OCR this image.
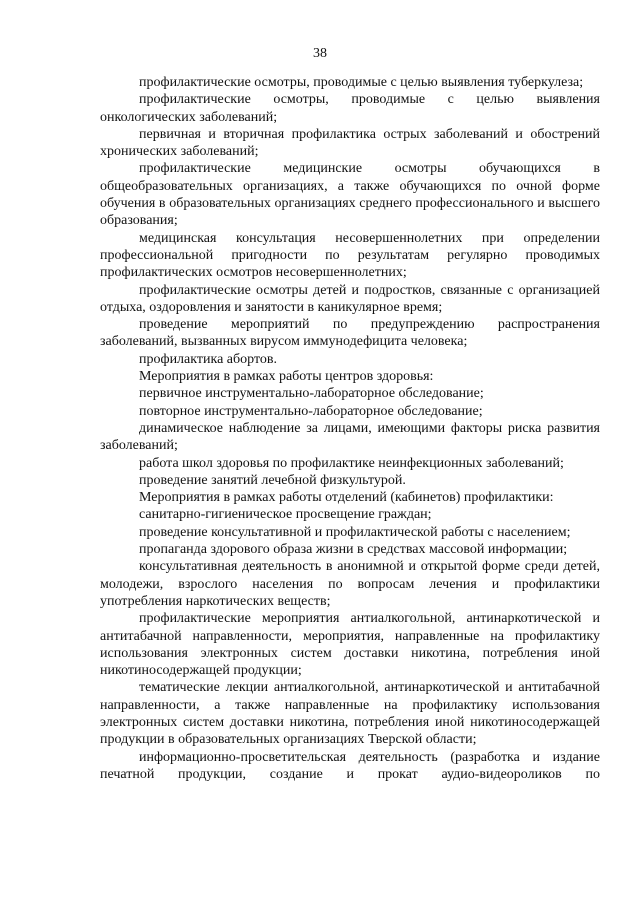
38

профилактические осмотры, проводимые с целью выявления туберкулеза;

профилактические осмотры, проводимые с целью выявления онкологических заболеваний;

первичная и вторичная профилактика острых заболеваний и обострений хронических заболеваний;

профилактические медицинские осмотры обучающихся в общеобразовательных организациях, а также обучающихся по очной форме обучения в образовательных организациях среднего профессионального и высшего образования;

медицинская консультация несовершеннолетних при определении профессиональной пригодности по результатам регулярно проводимых профилактических осмотров несовершеннолетних;

профилактические осмотры детей и подростков, связанные с организацией отдыха, оздоровления и занятости в каникулярное время;

проведение мероприятий по предупреждению распространения заболеваний, вызванных вирусом иммунодефицита человека;

профилактика абортов.

Мероприятия в рамках работы центров здоровья:

первичное инструментально-лабораторное обследование;

повторное инструментально-лабораторное обследование;

динамическое наблюдение за лицами, имеющими факторы риска развития заболеваний;

работа школ здоровья по профилактике неинфекционных заболеваний;

проведение занятий лечебной физкультурой.

Мероприятия в рамках работы отделений (кабинетов) профилактики:

санитарно-гигиеническое просвещение граждан;

проведение консультативной и профилактической работы с населением;

пропаганда здорового образа жизни в средствах массовой информации;

консультативная деятельность в анонимной и открытой форме среди детей, молодежи, взрослого населения по вопросам лечения и профилактики употребления наркотических веществ;

профилактические мероприятия антиалкогольной, антинаркотической и антитабачной направленности, мероприятия, направленные на профилактику использования электронных систем доставки никотина, потребления иной никотиносодержащей продукции;

тематические лекции антиалкогольной, антинаркотической и антитабачной направленности, а также направленные на профилактику использования электронных систем доставки никотина, потребления иной никотиносодержащей продукции в образовательных организациях Тверской области;

информационно-просветительская деятельность (разработка и издание печатной продукции, создание и прокат аудио-видеороликов по
